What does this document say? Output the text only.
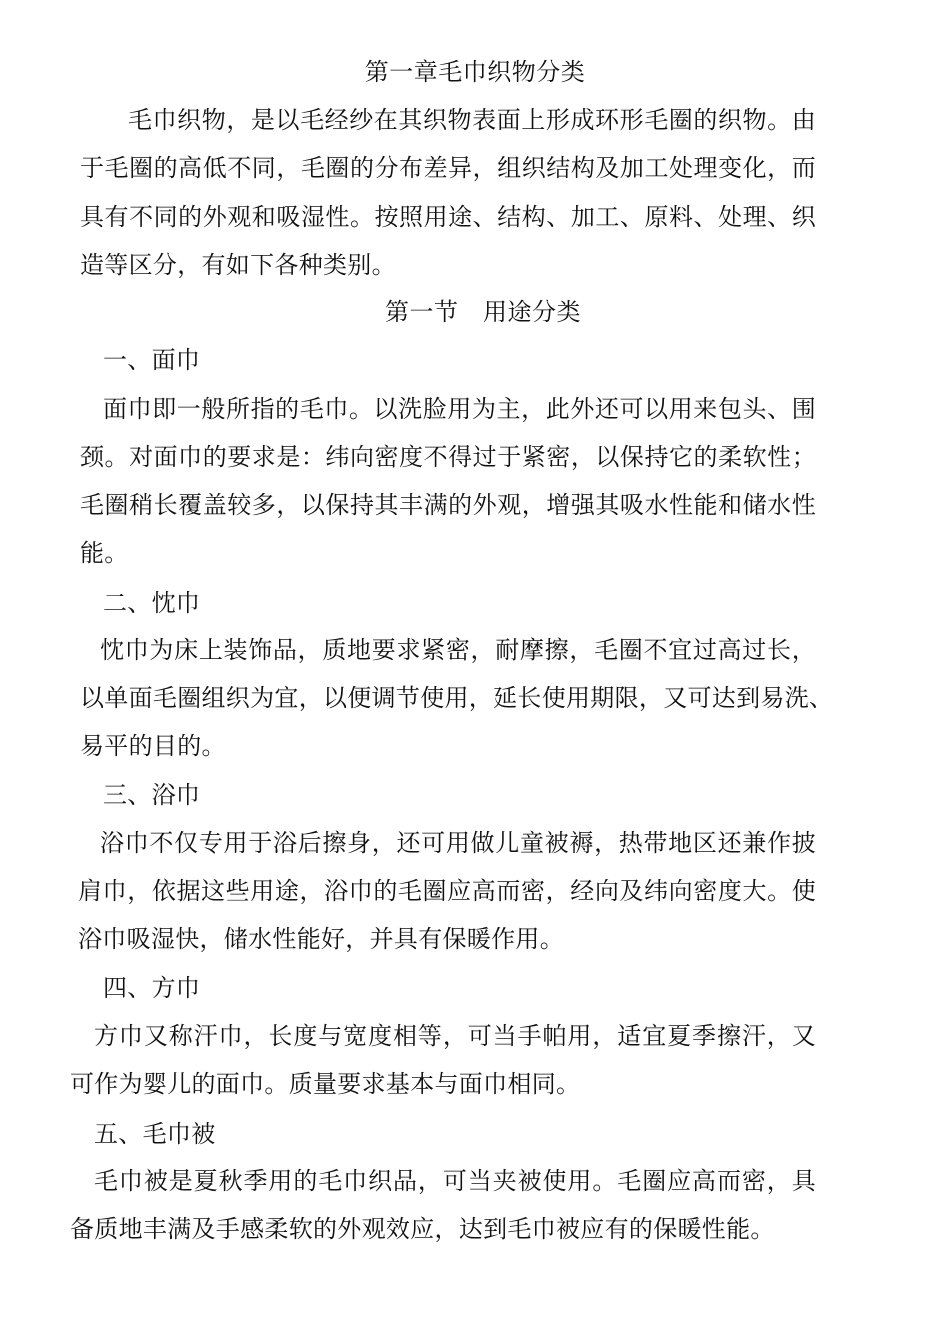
第一章毛巾织物分类
毛巾织物，是以毛经纱在其织物表面上形成环形毛圈的织物。由
于毛圈的高低不同，毛圈的分布差异，组织结构及加工处理变化，而
具有不同的外观和吸湿性。按照用途、结构、加工、原料、处理、织
造等区分，有如下各种类别。
第一节　用途分类
一、面巾
面巾即一般所指的毛巾。以洗脸用为主，此外还可以用来包头、围
颈。对面巾的要求是：纬向密度不得过于紧密，以保持它的柔软性；
毛圈稍长覆盖较多，以保持其丰满的外观，增强其吸水性能和储水性
能。
二、忱巾
忱巾为床上装饰品，质地要求紧密，耐摩擦，毛圈不宜过高过长，
以单面毛圈组织为宜，以便调节使用，延长使用期限，又可达到易洗、
易平的目的。
三、浴巾
浴巾不仅专用于浴后擦身，还可用做儿童被褥，热带地区还兼作披
肩巾，依据这些用途，浴巾的毛圈应高而密，经向及纬向密度大。使
浴巾吸湿快，储水性能好，并具有保暖作用。
四、方巾
方巾又称汗巾，长度与宽度相等，可当手帕用，适宜夏季擦汗，又
可作为婴儿的面巾。质量要求基本与面巾相同。
五、毛巾被
毛巾被是夏秋季用的毛巾织品，可当夹被使用。毛圈应高而密，具
备质地丰满及手感柔软的外观效应，达到毛巾被应有的保暖性能。
